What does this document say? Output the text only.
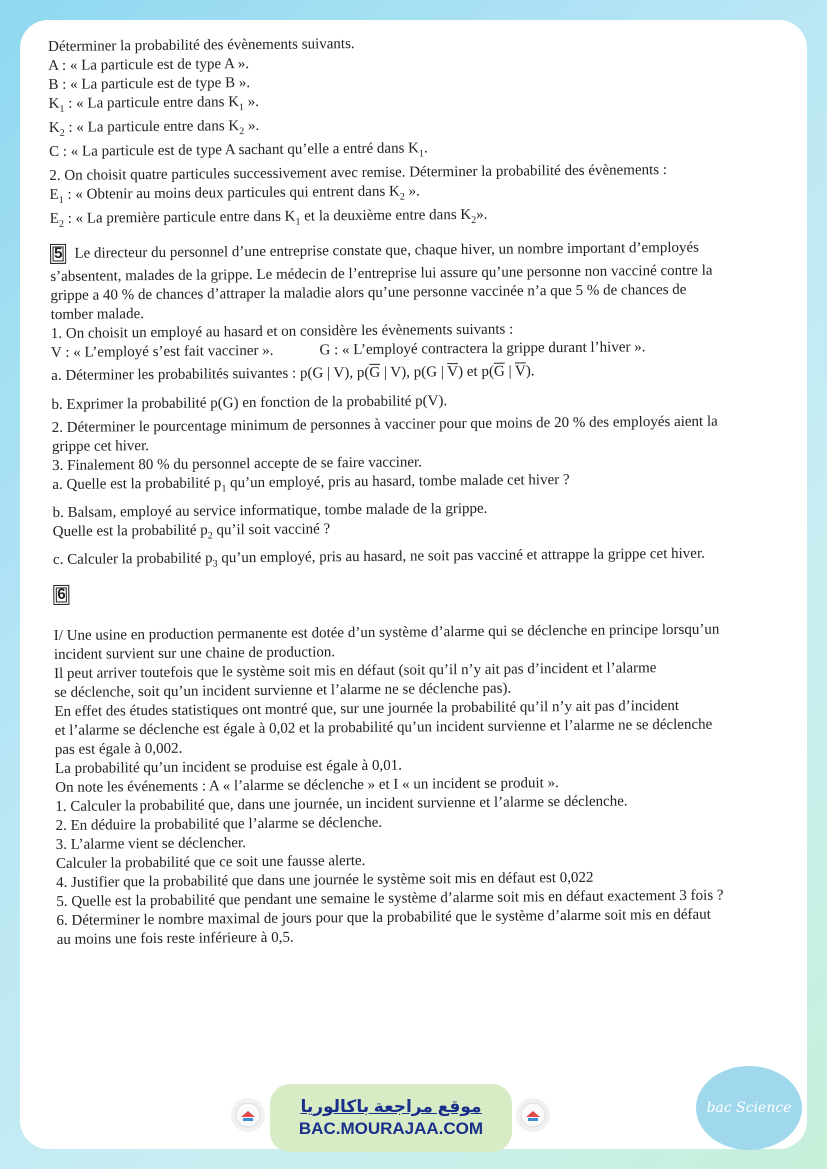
Déterminer la probabilité des évènements suivants.

A : « La particule est de type A ».

B : « La particule est de type B ».

$K_1$ : « La particule entre dans $K_1$ ».

$K_2$ : « La particule entre dans $K_2$ ».

C : « La particule est de type A sachant qu’elle a entré dans $K_1$.

2. On choisit quatre particules successivement avec remise. Déterminer la probabilité des évènements :

$E_1$ : « Obtenir au moins deux particules qui entrent dans $K_2$ ».

$E_2$ : « La première particule entre dans $K_1$ et la deuxième entre dans $K_2$».

5 Le directeur du personnel d’une entreprise constate que, chaque hiver, un nombre important d’employés

s’absentent, malades de la grippe. Le médecin de l’entreprise lui assure qu’une personne non vacciné contre la

grippe a 40 % de chances d’attraper la maladie alors qu’une personne vaccinée n’a que 5 % de chances de

tomber malade.

1. On choisit un employé au hasard et on considère les évènements suivants :

V : « L’employé s’est fait vacciner ».	G : « L’employé contractera la grippe durant l’hiver ».

a. Déterminer les probabilités suivantes : p(G | V), $p(\overline{G}$ | V), p(G | $\overline{V}$) et $p(\overline{G}$ | $\overline{V}$).

b. Exprimer la probabilité p(G) en fonction de la probabilité p(V).

2. Déterminer le pourcentage minimum de personnes à vacciner pour que moins de 20 % des employés aient la

grippe cet hiver.

3. Finalement 80 % du personnel accepte de se faire vacciner.

a. Quelle est la probabilité $p_1$ qu’un employé, pris au hasard, tombe malade cet hiver ?

b. Balsam, employé au service informatique, tombe malade de la grippe.

Quelle est la probabilité $p_2$ qu’il soit vacciné ?

c. Calculer la probabilité $p_3$ qu’un employé, pris au hasard, ne soit pas vacciné et attrappe la grippe cet hiver.

6

I/ Une usine en production permanente est dotée d’un système d’alarme qui se déclenche en principe lorsqu’un

incident survient sur une chaine de production.

Il peut arriver toutefois que le système soit mis en défaut (soit qu’il n’y ait pas d’incident et l’alarme

se déclenche, soit qu’un incident survienne et l’alarme ne se déclenche pas).

En effet des études statistiques ont montré que, sur une journée la probabilité qu’il n’y ait pas d’incident

et l’alarme se déclenche est égale à 0,02 et la probabilité qu’un incident survienne et l’alarme ne se déclenche

pas est égale à 0,002.

La probabilité qu’un incident se produise est égale à 0,01.

On note les événements : A « l’alarme se déclenche » et I « un incident se produit ».

1. Calculer la probabilité que, dans une journée, un incident survienne et l’alarme se déclenche.

2. En déduire la probabilité que l’alarme se déclenche.

3. L’alarme vient se déclencher.

Calculer la probabilité que ce soit une fausse alerte.

4. Justifier que la probabilité que dans une journée le système soit mis en défaut est 0,022

5. Quelle est la probabilité que pendant une semaine le système d’alarme soit mis en défaut exactement 3 fois ?

6. Déterminer le nombre maximal de jours pour que la probabilité que le système d’alarme soit mis en défaut

au moins une fois reste inférieure à 0,5.

موقع مراجعة باكالوريا
BAC.MOURAJAA.COM
bac Science
